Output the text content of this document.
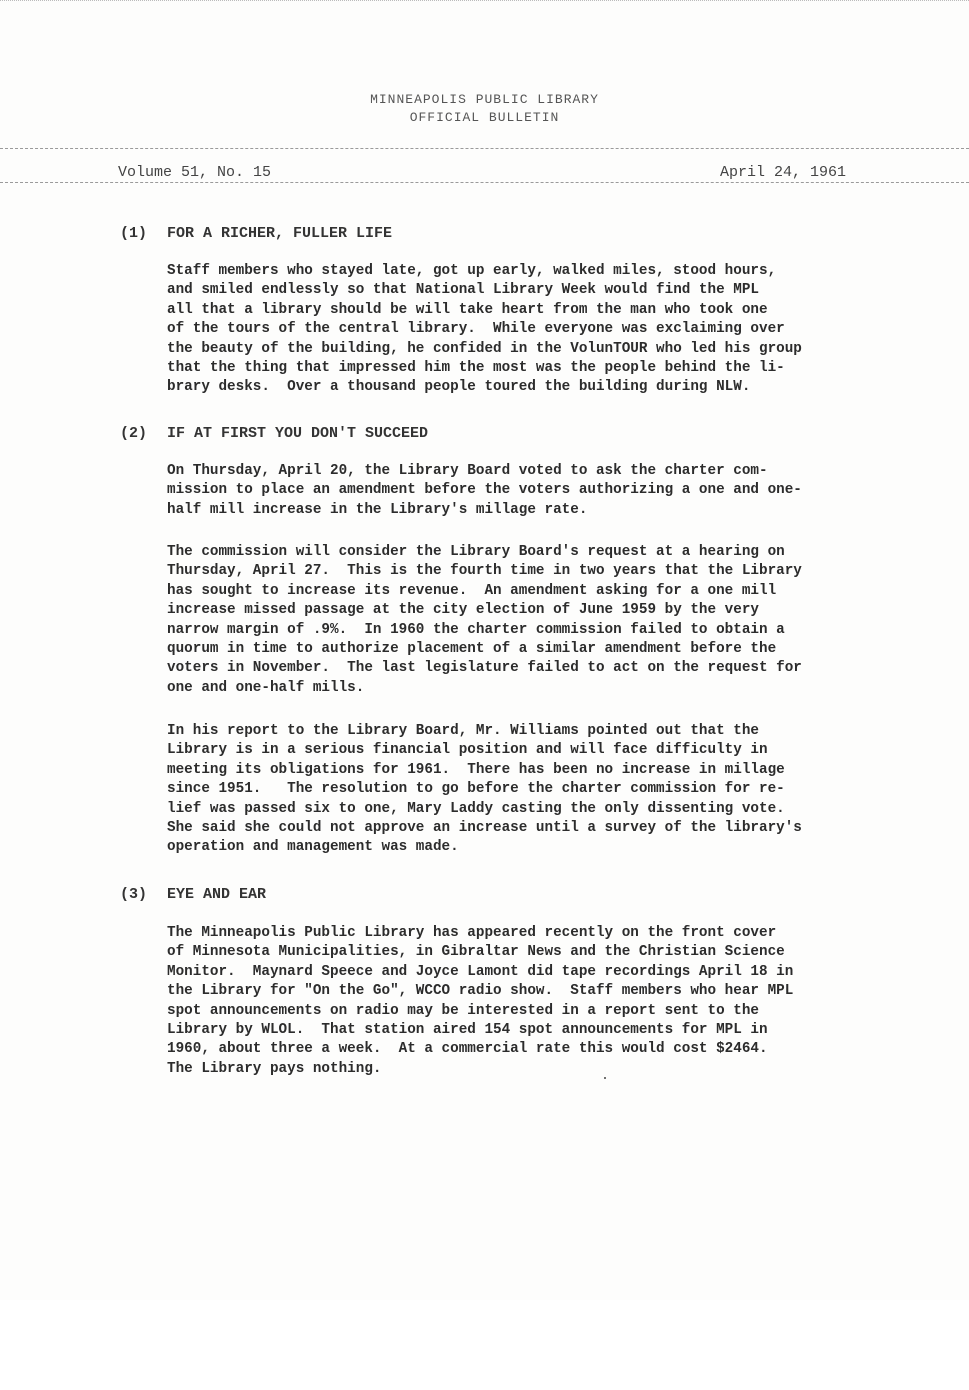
MINNEAPOLIS PUBLIC LIBRARY
OFFICIAL BULLETIN
Volume 51, No. 15	April 24, 1961
(1) FOR A RICHER, FULLER LIFE

Staff members who stayed late, got up early, walked miles, stood hours,
and smiled endlessly so that National Library Week would find the MPL
all that a library should be will take heart from the man who took one
of the tours of the central library.  While everyone was exclaiming over
the beauty of the building, he confided in the VolunTOUR who led his group
that the thing that impressed him the most was the people behind the li-
brary desks.  Over a thousand people toured the building during NLW.

(2) IF AT FIRST YOU DON'T SUCCEED

On Thursday, April 20, the Library Board voted to ask the charter com-
mission to place an amendment before the voters authorizing a one and one-
half mill increase in the Library's millage rate.

The commission will consider the Library Board's request at a hearing on
Thursday, April 27.  This is the fourth time in two years that the Library
has sought to increase its revenue.  An amendment asking for a one mill
increase missed passage at the city election of June 1959 by the very
narrow margin of .9%.  In 1960 the charter commission failed to obtain a
quorum in time to authorize placement of a similar amendment before the
voters in November.  The last legislature failed to act on the request for
one and one-half mills.

In his report to the Library Board, Mr. Williams pointed out that the
Library is in a serious financial position and will face difficulty in
meeting its obligations for 1961.  There has been no increase in millage
since 1951.   The resolution to go before the charter commission for re-
lief was passed six to one, Mary Laddy casting the only dissenting vote.
She said she could not approve an increase until a survey of the library's
operation and management was made.

(3) EYE AND EAR

The Minneapolis Public Library has appeared recently on the front cover
of Minnesota Municipalities, in Gibraltar News and the Christian Science
Monitor.  Maynard Speece and Joyce Lamont did tape recordings April 18 in
the Library for "On the Go", WCCO radio show.  Staff members who hear MPL
spot announcements on radio may be interested in a report sent to the
Library by WLOL.  That station aired 154 spot announcements for MPL in
1960, about three a week.  At a commercial rate this would cost $2464.
The Library pays nothing.
